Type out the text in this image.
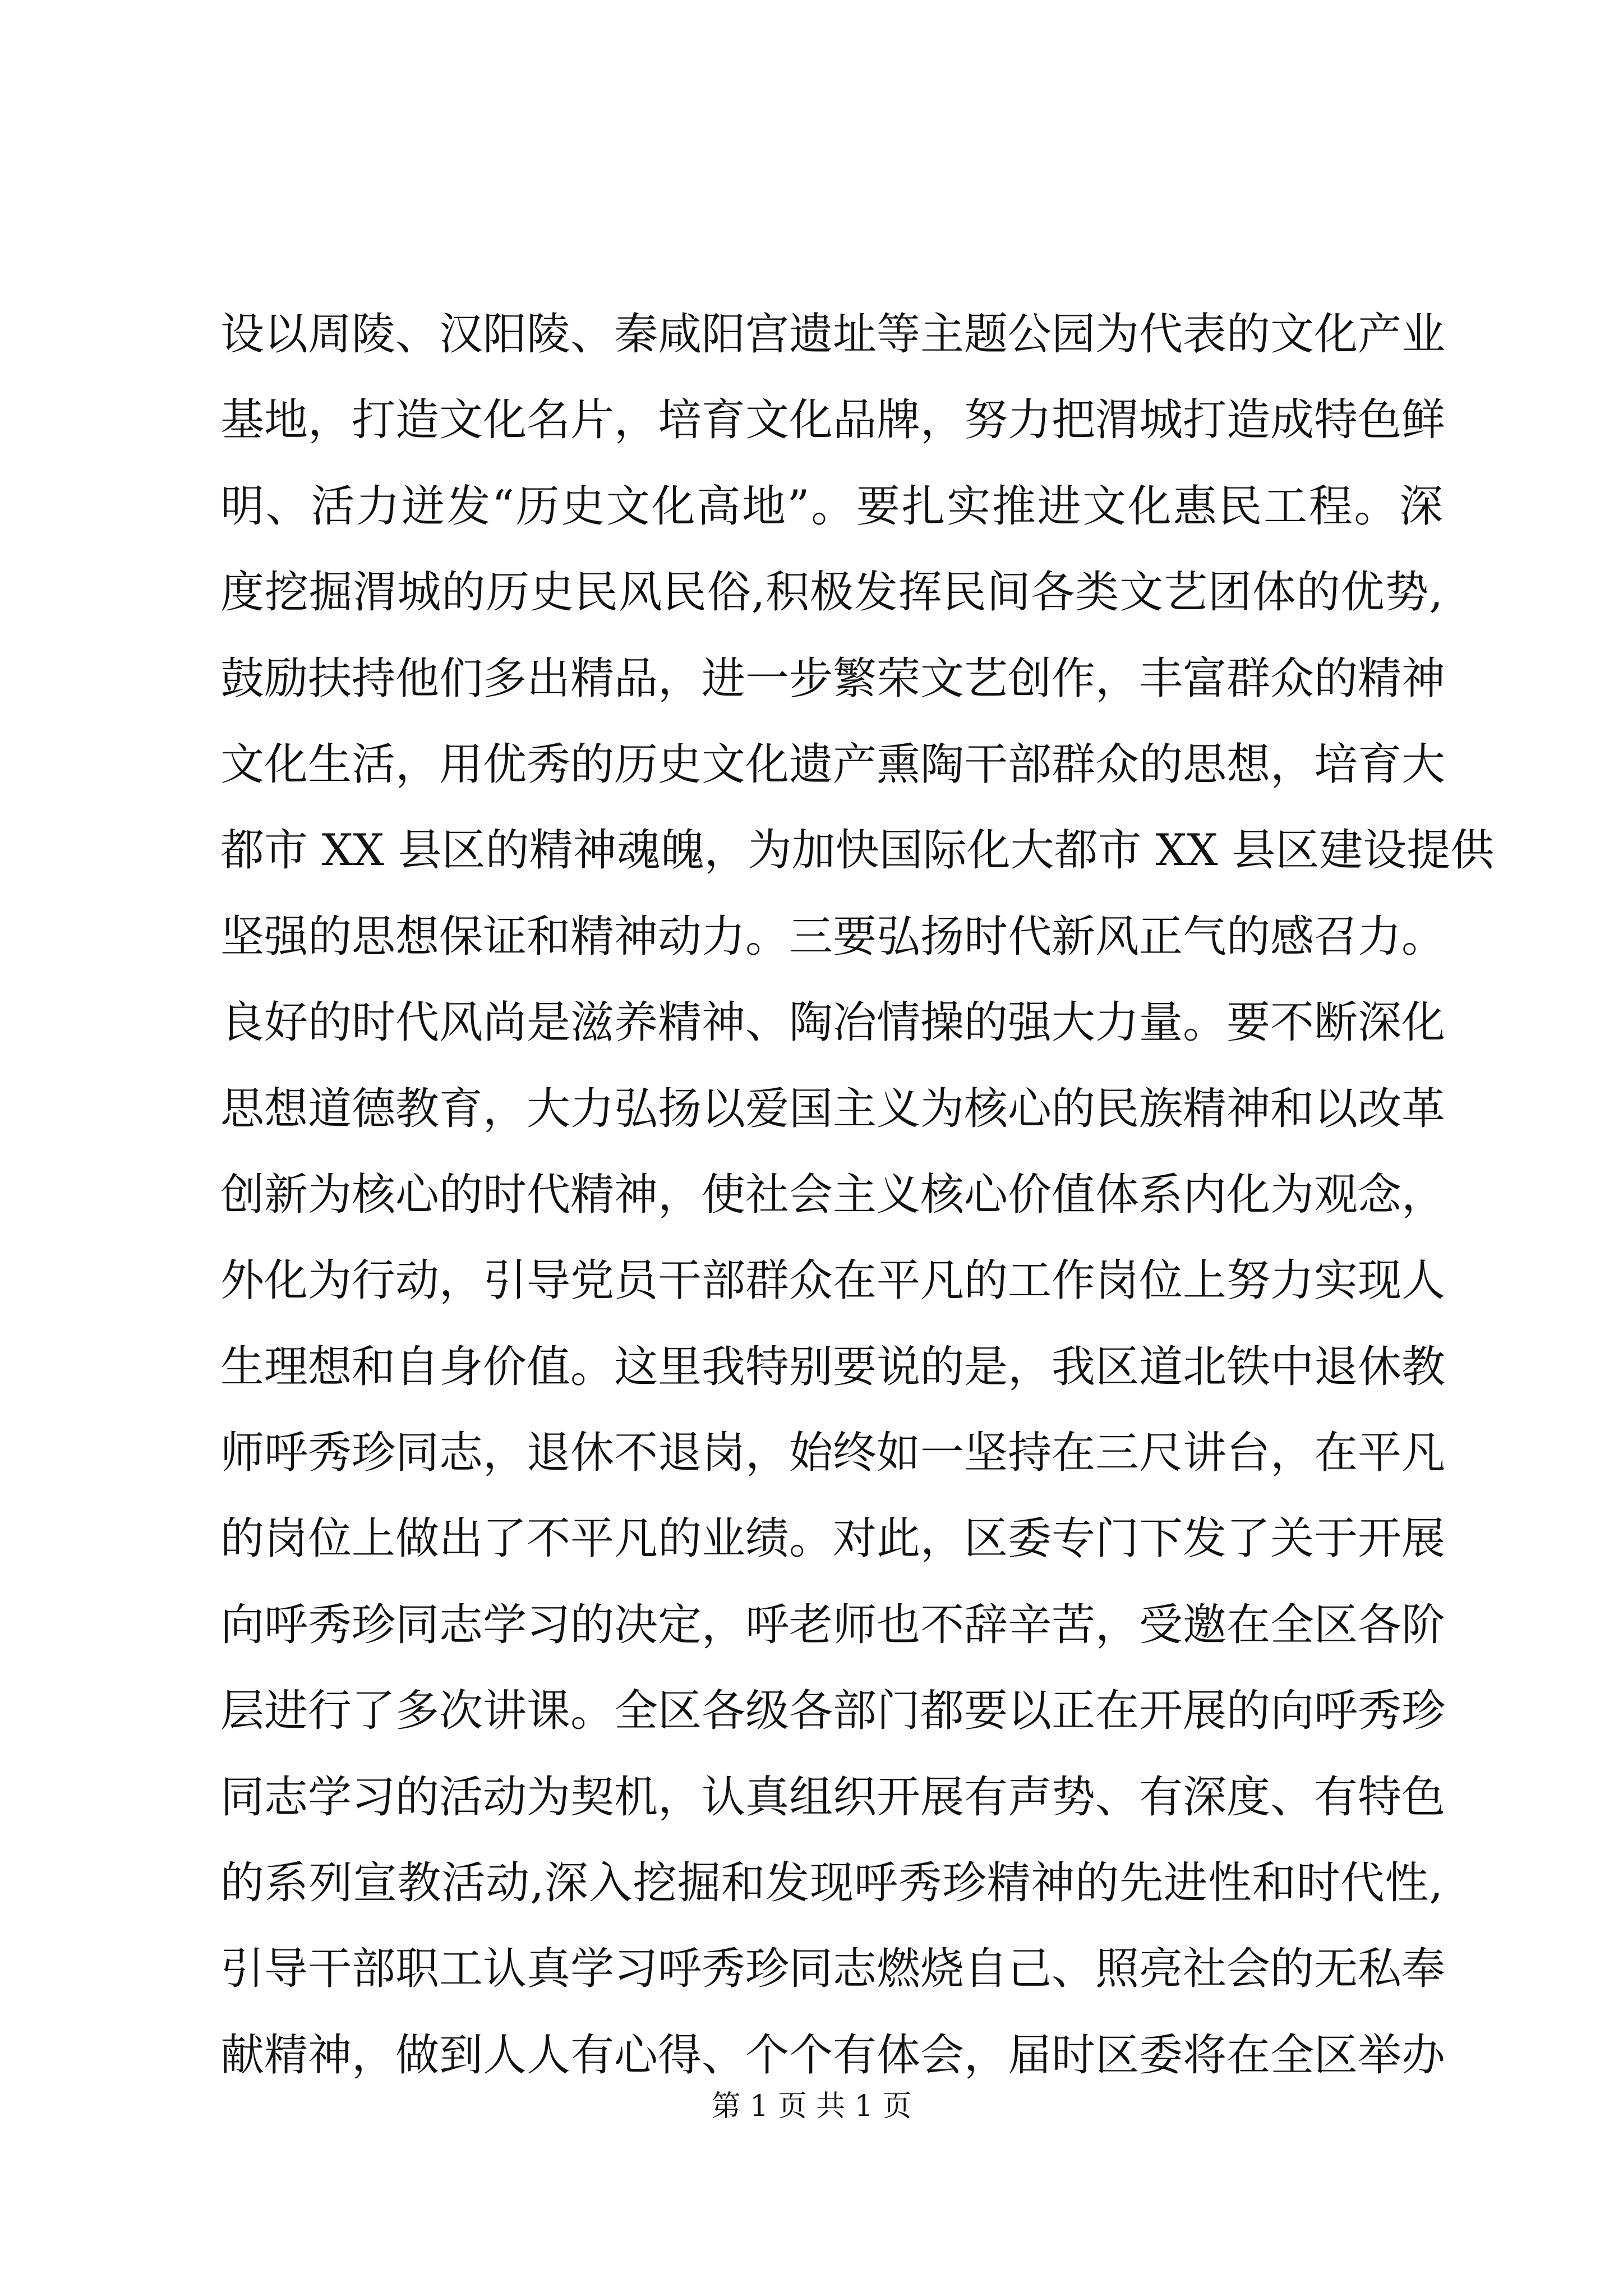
设以周陵、汉阳陵、秦咸阳宫遗址等主题公园为代表的文化产业
基地，打造文化名片，培育文化品牌，努力把渭城打造成特色鲜
明、活力迸发“历史文化高地”。要扎实推进文化惠民工程。深
度挖掘渭城的历史民风民俗,积极发挥民间各类文艺团体的优势,
鼓励扶持他们多出精品，进一步繁荣文艺创作，丰富群众的精神
文化生活，用优秀的历史文化遗产熏陶干部群众的思想，培育大
都市 XX 县区的精神魂魄，为加快国际化大都市 XX 县区建设提供
坚强的思想保证和精神动力。三要弘扬时代新风正气的感召力。
良好的时代风尚是滋养精神、陶冶情操的强大力量。要不断深化
思想道德教育，大力弘扬以爱国主义为核心的民族精神和以改革
创新为核心的时代精神，使社会主义核心价值体系内化为观念，
外化为行动，引导党员干部群众在平凡的工作岗位上努力实现人
生理想和自身价值。这里我特别要说的是，我区道北铁中退休教
师呼秀珍同志，退休不退岗，始终如一坚持在三尺讲台，在平凡
的岗位上做出了不平凡的业绩。对此，区委专门下发了关于开展
向呼秀珍同志学习的决定，呼老师也不辞辛苦，受邀在全区各阶
层进行了多次讲课。全区各级各部门都要以正在开展的向呼秀珍
同志学习的活动为契机，认真组织开展有声势、有深度、有特色
的系列宣教活动,深入挖掘和发现呼秀珍精神的先进性和时代性,
引导干部职工认真学习呼秀珍同志燃烧自己、照亮社会的无私奉
献精神，做到人人有心得、个个有体会，届时区委将在全区举办
第 1 页 共 1 页
